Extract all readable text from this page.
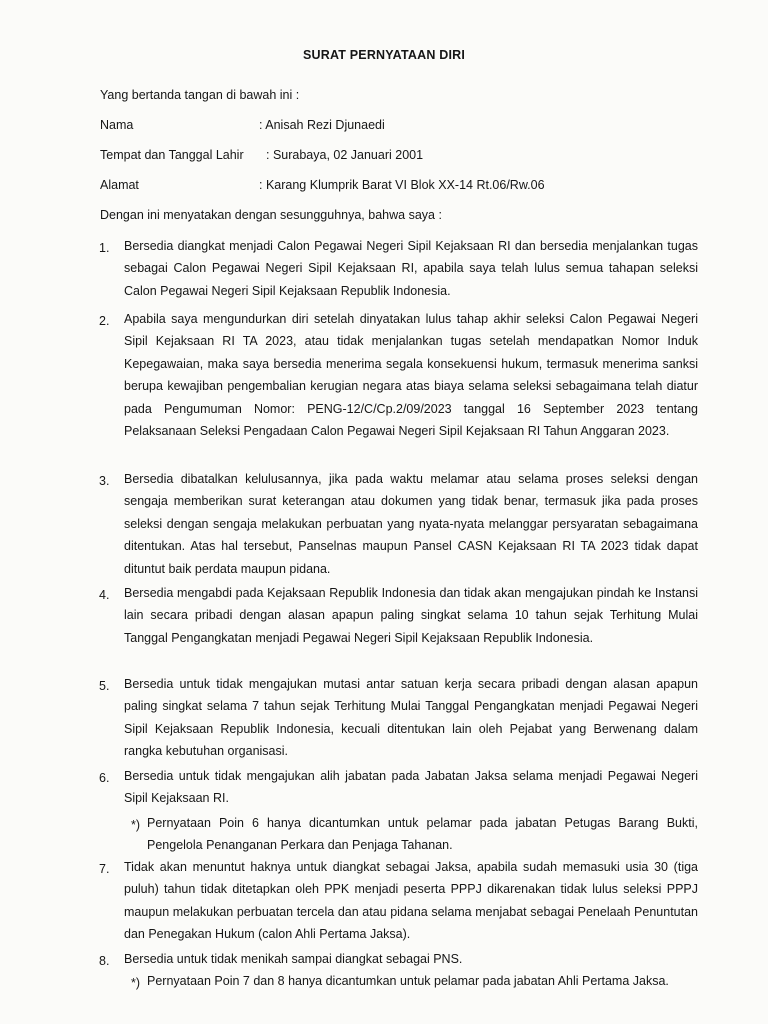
SURAT PERNYATAAN DIRI
Yang bertanda tangan di bawah ini :
Nama	: Anisah Rezi Djunaedi
Tempat dan Tanggal Lahir : Surabaya, 02 Januari 2001
Alamat	: Karang Klumprik Barat VI Blok XX-14 Rt.06/Rw.06
Dengan ini menyatakan dengan sesungguhnya, bahwa saya :
1. Bersedia diangkat menjadi Calon Pegawai Negeri Sipil Kejaksaan RI dan bersedia menjalankan tugas sebagai Calon Pegawai Negeri Sipil Kejaksaan RI, apabila saya telah lulus semua tahapan seleksi Calon Pegawai Negeri Sipil Kejaksaan Republik Indonesia.

2. Apabila saya mengundurkan diri setelah dinyatakan lulus tahap akhir seleksi Calon Pegawai Negeri Sipil Kejaksaan RI TA 2023, atau tidak menjalankan tugas setelah mendapatkan Nomor Induk Kepegawaian, maka saya bersedia menerima segala konsekuensi hukum, termasuk menerima sanksi berupa kewajiban pengembalian kerugian negara atas biaya selama seleksi sebagaimana telah diatur pada Pengumuman Nomor: PENG-12/C/Cp.2/09/2023 tanggal 16 September 2023 tentang Pelaksanaan Seleksi Pengadaan Calon Pegawai Negeri Sipil Kejaksaan RI Tahun Anggaran 2023.

3. Bersedia dibatalkan kelulusannya, jika pada waktu melamar atau selama proses seleksi dengan sengaja memberikan surat keterangan atau dokumen yang tidak benar, termasuk jika pada proses seleksi dengan sengaja melakukan perbuatan yang nyata-nyata melanggar persyaratan sebagaimana ditentukan. Atas hal tersebut, Panselnas maupun Pansel CASN Kejaksaan RI TA 2023 tidak dapat dituntut baik perdata maupun pidana.

4. Bersedia mengabdi pada Kejaksaan Republik Indonesia dan tidak akan mengajukan pindah ke Instansi lain secara pribadi dengan alasan apapun paling singkat selama 10 tahun sejak Terhitung Mulai Tanggal Pengangkatan menjadi Pegawai Negeri Sipil Kejaksaan Republik Indonesia.

5. Bersedia untuk tidak mengajukan mutasi antar satuan kerja secara pribadi dengan alasan apapun paling singkat selama 7 tahun sejak Terhitung Mulai Tanggal Pengangkatan menjadi Pegawai Negeri Sipil Kejaksaan Republik Indonesia, kecuali ditentukan lain oleh Pejabat yang Berwenang dalam rangka kebutuhan organisasi.

6. Bersedia untuk tidak mengajukan alih jabatan pada Jabatan Jaksa selama menjadi Pegawai Negeri Sipil Kejaksaan RI.

*) Pernyataan Poin 6 hanya dicantumkan untuk pelamar pada jabatan Petugas Barang Bukti, Pengelola Penanganan Perkara dan Penjaga Tahanan.

7. Tidak akan menuntut haknya untuk diangkat sebagai Jaksa, apabila sudah memasuki usia 30 (tiga puluh) tahun tidak ditetapkan oleh PPK menjadi peserta PPPJ dikarenakan tidak lulus seleksi PPPJ maupun melakukan perbuatan tercela dan atau pidana selama menjabat sebagai Penelaah Penuntutan dan Penegakan Hukum (calon Ahli Pertama Jaksa).

8. Bersedia untuk tidak menikah sampai diangkat sebagai PNS.

*) Pernyataan Poin 7 dan 8 hanya dicantumkan untuk pelamar pada jabatan Ahli Pertama Jaksa.
